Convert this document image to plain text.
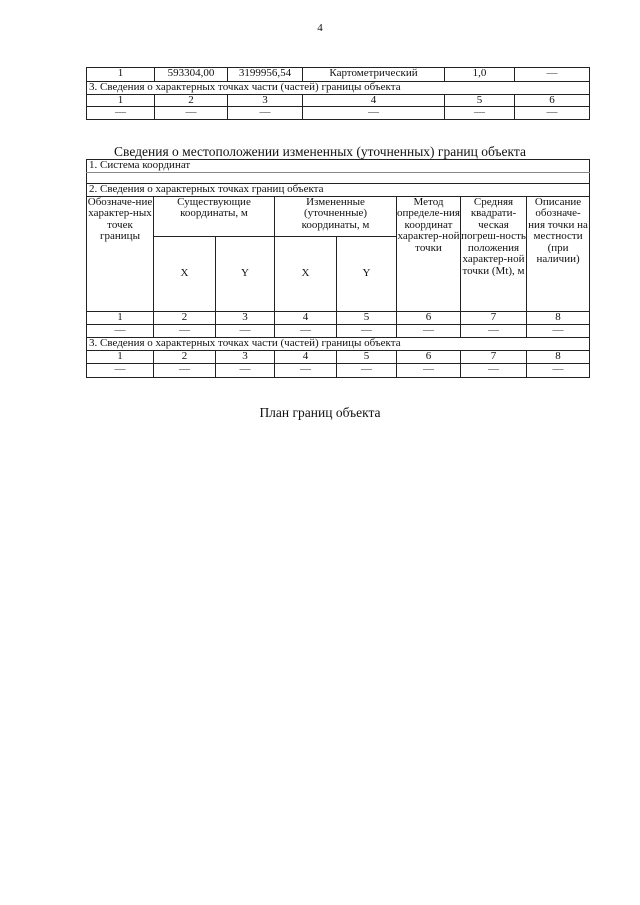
4
1	593304,00	3199956,54	Картометрический	1,0	—
3. Сведения о характерных точках части (частей) границы объекта					
1	2	3	4	5	6
—	—	—	—	—	—
Сведения о местоположении измененных (уточненных) границ объекта
1. Система координат							

2. Сведения о характерных точках границ объекта							
Обозначе-ние характер-ных точек границы	Существующие координаты, м		Измененные (уточненные) координаты, м		Метод определе-ния координат характер-ной точки	Средняя квадрати-ческая погреш-ность положения характер-ной точки (Mt), м	Описание обозначе-ния точки на местности (при наличии)
	X	Y	X	Y			
1	2	3	4	5	6	7	8
—	—	—	—	—	—	—	—
3. Сведения о характерных точках части (частей) границы объекта							
1	2	3	4	5	6	7	8
—	—	—	—	—	—	—	—
План границ объекта
